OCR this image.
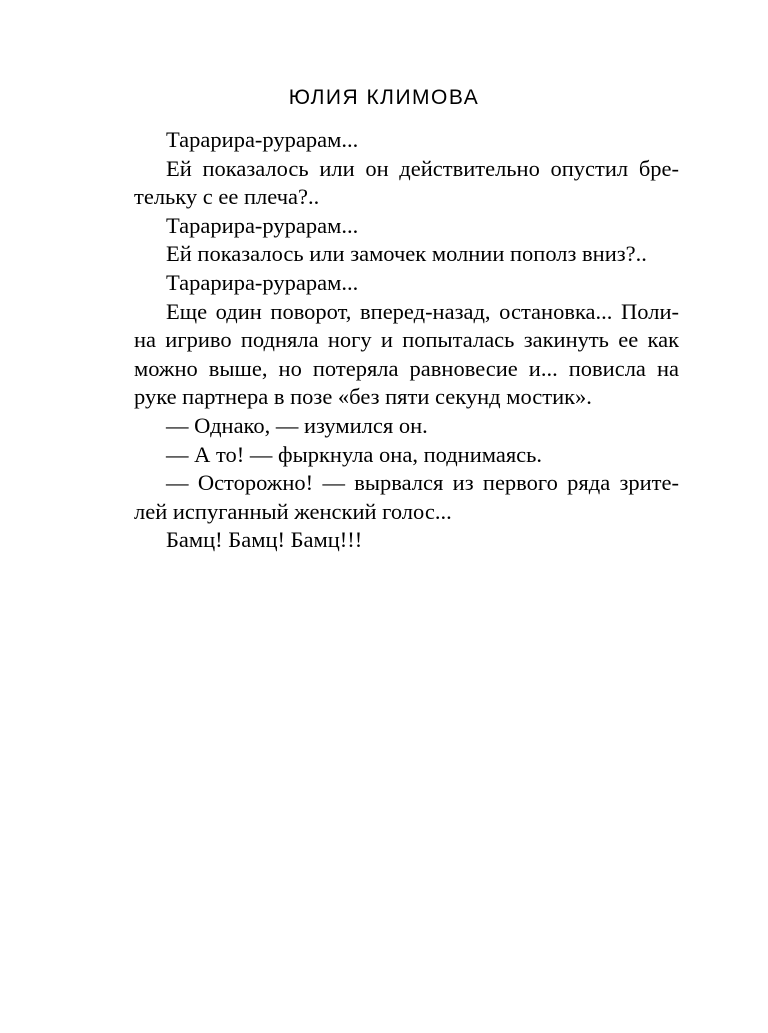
ЮЛИЯ КЛИМОВА

Тарарира-рурарам...

Ей показалось или он действительно опустил бре-
тельку с ее плеча?..

Тарарира-рурарам...

Ей показалось или замочек молнии пополз вниз?..

Тарарира-рурарам...

Еще один поворот, вперед-назад, остановка... Поли-
на игриво подняла ногу и попыталась закинуть ее как
можно выше, но потеряла равновесие и... повисла на
руке партнера в позе «без пяти секунд мостик».

— Однако, — изумился он.

— А то! — фыркнула она, поднимаясь.

— Осторожно! — вырвался из первого ряда зрите-
лей испуганный женский голос...

Бамц! Бамц! Бамц!!!
